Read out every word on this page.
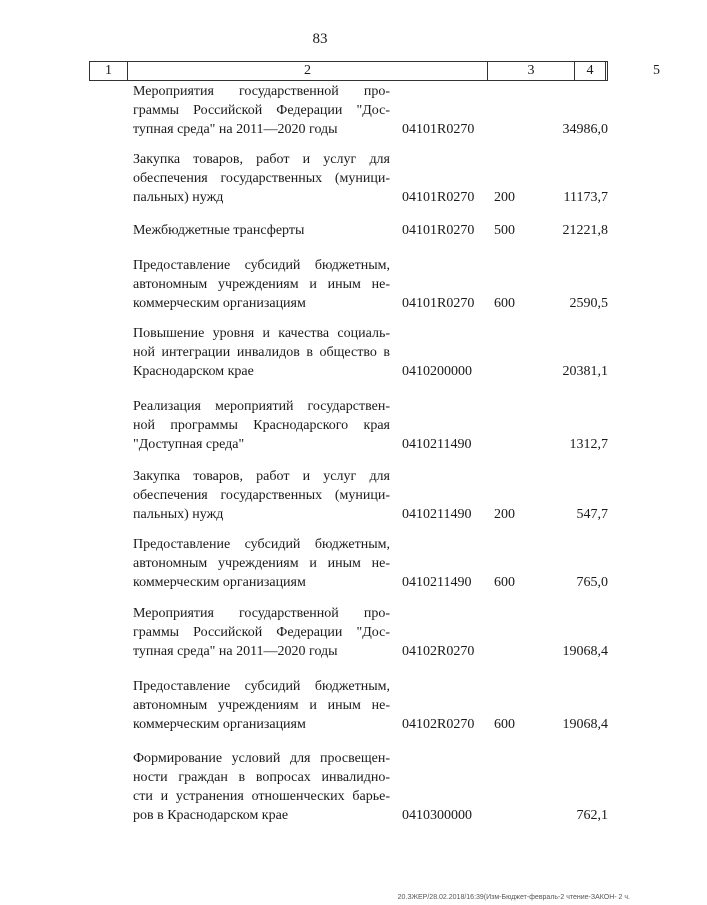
83
1	2	3	4	5
Мероприятия государственной про-
граммы Российской Федерации "Дос-
тупная среда" на 2011—2020 годы	04101R0270	34986,0
Закупка товаров, работ и услуг для
обеспечения государственных (муници-
пальных) нужд	04101R0270 200	11173,7
Межбюджетные трансферты	04101R0270 500	21221,8
Предоставление субсидий бюджетным,
автономным учреждениям и иным не-
коммерческим организациям	04101R0270 600	2590,5
Повышение уровня и качества социаль-
ной интеграции инвалидов в общество в
Краснодарском крае	0410200000	20381,1
Реализация мероприятий государствен-
ной программы Краснодарского края
"Доступная среда"	0410211490	1312,7
Закупка товаров, работ и услуг для
обеспечения государственных (муници-
пальных) нужд	0410211490 200	547,7
Предоставление субсидий бюджетным,
автономным учреждениям и иным не-
коммерческим организациям	0410211490 600	765,0
Мероприятия государственной про-
граммы Российской Федерации "Дос-
тупная среда" на 2011—2020 годы	04102R0270	19068,4
Предоставление субсидий бюджетным,
автономным учреждениям и иным не-
коммерческим организациям	04102R0270 600	19068,4
Формирование условий для просвещен-
ности граждан в вопросах инвалидно-
сти и устранения отношенческих барье-
ров в Краснодарском крае	0410300000	762,1
20.ЗЖЕР/28.02.2018/16:39(Изм-Бюджет-февраль-2 чтение-ЗАКОН- 2 ч.
